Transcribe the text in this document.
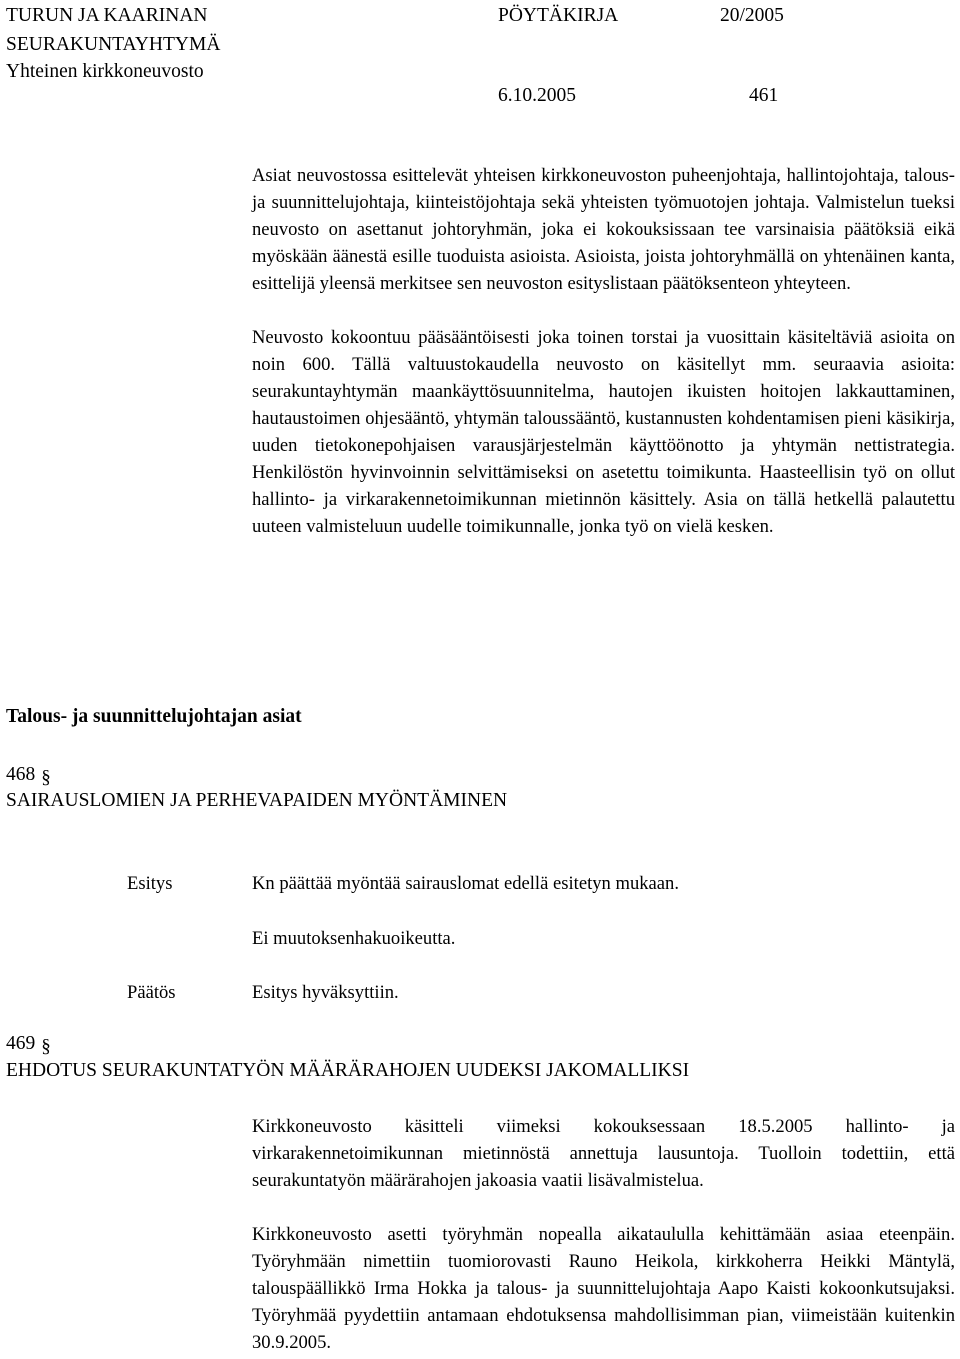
TURUN JA KAARINAN
SEURAKUNTAYHTYMÄ
Yhteinen kirkkoneuvosto
PÖYTÄKIRJA	20/2005
6.10.2005	461

Asiat neuvostossa esittelevät yhteisen kirkkoneuvoston puheenjohtaja, hallintojohtaja, talous- ja suunnittelujohtaja, kiinteistöjohtaja sekä yhteisten työmuotojen johtaja. Valmistelun tueksi neuvosto on asettanut johtoryhmän, joka ei kokouksissaan tee varsinaisia päätöksiä eikä myöskään äänestä esille tuoduista asioista. Asioista, joista johtoryhmällä on yhtenäinen kanta, esittelijä yleensä merkitsee sen neuvoston esityslistaan päätöksenteon yhteyteen.

Neuvosto kokoontuu pääsääntöisesti joka toinen torstai ja vuosittain käsiteltäviä asioita on noin 600. Tällä valtuustokaudella neuvosto on käsitellyt mm. seuraavia asioita: seurakuntayhtymän maankäyttösuunnitelma, hautojen ikuisten hoitojen lakkauttaminen, hautaustoimen ohjesääntö, yhtymän taloussääntö, kustannusten kohdentamisen pieni käsikirja, uuden tietokonepohjaisen varausjärjestelmän käyttöönotto ja yhtymän nettistrategia. Henkilöstön hyvinvoinnin selvittämiseksi on asetettu toimikunta. Haasteellisin työ on ollut hallinto- ja virkarakennetoimikunnan mietinnön käsittely. Asia on tällä hetkellä palautettu uuteen valmisteluun uudelle toimikunnalle, jonka työ on vielä kesken.

Talous- ja suunnittelujohtajan asiat
468 §
SAIRAUSLOMIEN JA PERHEVAPAIDEN MYÖNTÄMINEN
Esitys	Kn päättää myöntää sairauslomat edellä esitetyn mukaan.
Ei muutoksenhakuoikeutta.
Päätös	Esitys hyväksyttiin.
469 §
EHDOTUS SEURAKUNTATYÖN MÄÄRÄRAHOJEN UUDEKSI JAKOMALLIKSI

Kirkkoneuvosto käsitteli viimeksi kokouksessaan 18.5.2005 hallinto- ja virkarakennetoimikunnan mietinnöstä annettuja lausuntoja. Tuolloin todettiin, että seurakuntatyön määrärahojen jakoasia vaatii lisävalmistelua.

Kirkkoneuvosto asetti työryhmän nopealla aikataululla kehittämään asiaa eteenpäin. Työryhmään nimettiin tuomiorovasti Rauno Heikola, kirkkoherra Heikki Mäntylä, talouspäällikkö Irma Hokka ja talous- ja suunnittelujohtaja Aapo Kaisti kokoonkutsujaksi. Työryhmää pyydettiin antamaan ehdotuksensa mahdollisimman pian, viimeistään kuitenkin 30.9.2005.
